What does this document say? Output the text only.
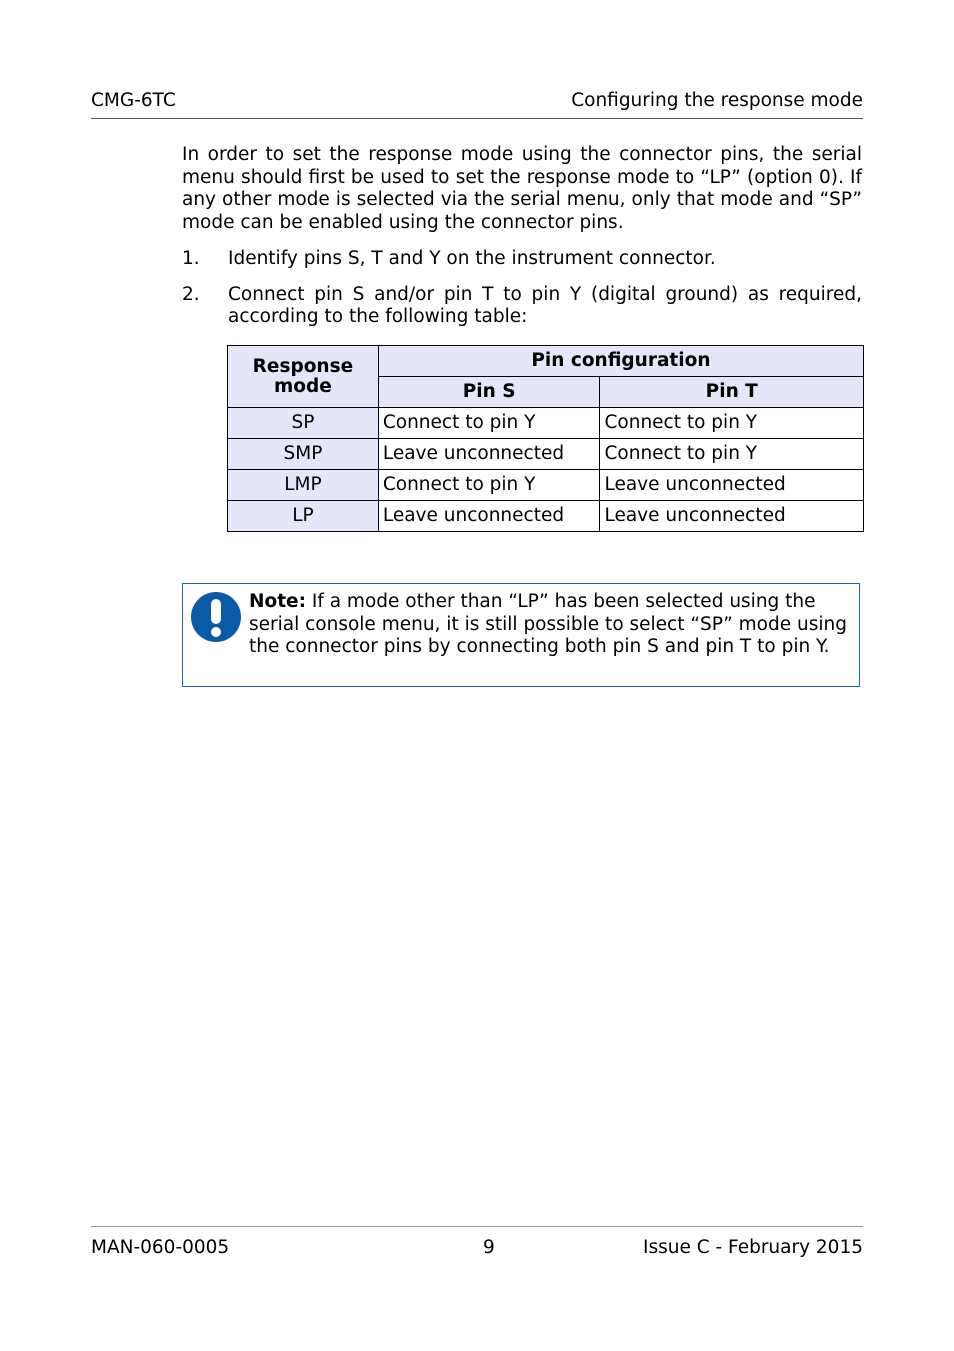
CMG-6TC	Configuring the response mode

In order to set the response mode using the connector pins, the serial menu should first be used to set the response mode to “LP” (option 0). If any other mode is selected via the serial menu, only that mode and “SP” mode can be enabled using the connector pins.

1. Identify pins S, T and Y on the instrument connector.

2. Connect pin S and/or pin T to pin Y (digital ground) as required, according to the following table:

Response mode	Pin configuration	
	Pin S	Pin T
SP	Connect to pin Y	Connect to pin Y
SMP	Leave unconnected	Connect to pin Y
LMP	Connect to pin Y	Leave unconnected
LP	Leave unconnected	Leave unconnected
Note: If a mode other than “LP” has been selected using the serial console menu, it is still possible to select “SP” mode using the connector pins by connecting both pin S and pin T to pin Y.
MAN-060-0005	9	Issue C - February 2015
